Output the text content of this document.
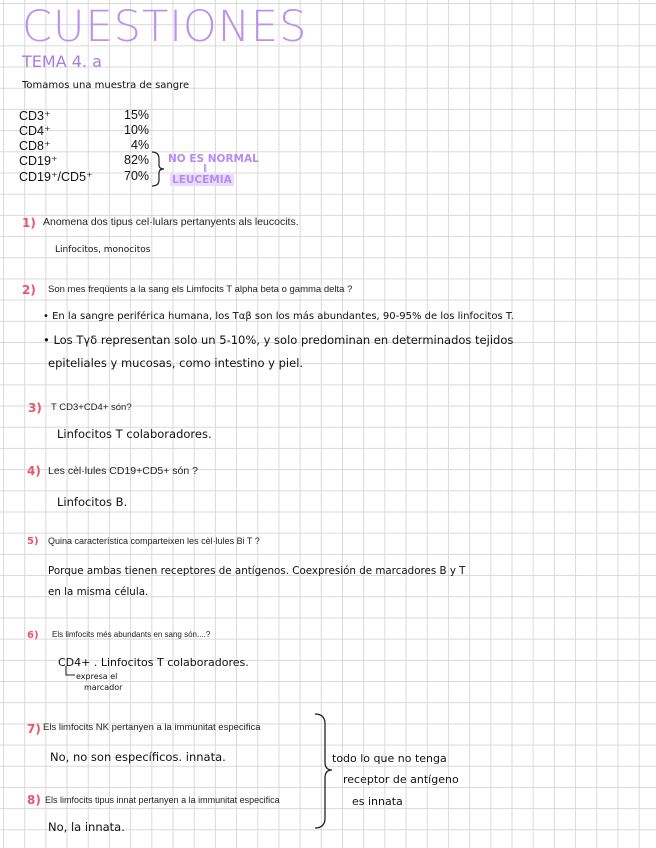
CUESTIONES
TEMA 4. a
Tomamos una muestra de sangre
CD3⁺	15%
CD4⁺	10%
CD8⁺	4%
CD19⁺	82%
CD19⁺/CD5⁺	70%
NO ES NORMAL
‖
LEUCEMIA
1) Anomena dos tipus cel·lulars pertanyents als leucocits.
Linfocitos, monocitos
2) Son mes freqüents a la sang els Limfocits T alpha beta o gamma delta ?
• En la sangre periférica humana, los Tαβ son los más abundantes, 90-95% de los linfocitos T.
• Los Tγδ representan solo un 5-10%, y solo predominan en determinados tejidos
epiteliales y mucosas, como intestino y piel.
3) T CD3+CD4+ són?
Linfocitos T colaboradores.
4) Les cèl·lules CD19+CD5+ són ?
Linfocitos B.
5) Quina característica comparteixen les cèl·lules Bi T ?
Porque ambas tienen receptores de antígenos. Coexpresión de marcadores B y T
en la misma célula.
6) Els limfocits més abundants en sang són....?
CD4+ . Linfocitos T colaboradores.
expresa el
marcador
7) Els limfocits NK pertanyen a la immunitat especifica
No, no son específicos. innata.
8) Els limfocits tipus innat pertanyen a la immunitat especifica
No, la innata.
todo lo que no tenga
receptor de antígeno
es innata
